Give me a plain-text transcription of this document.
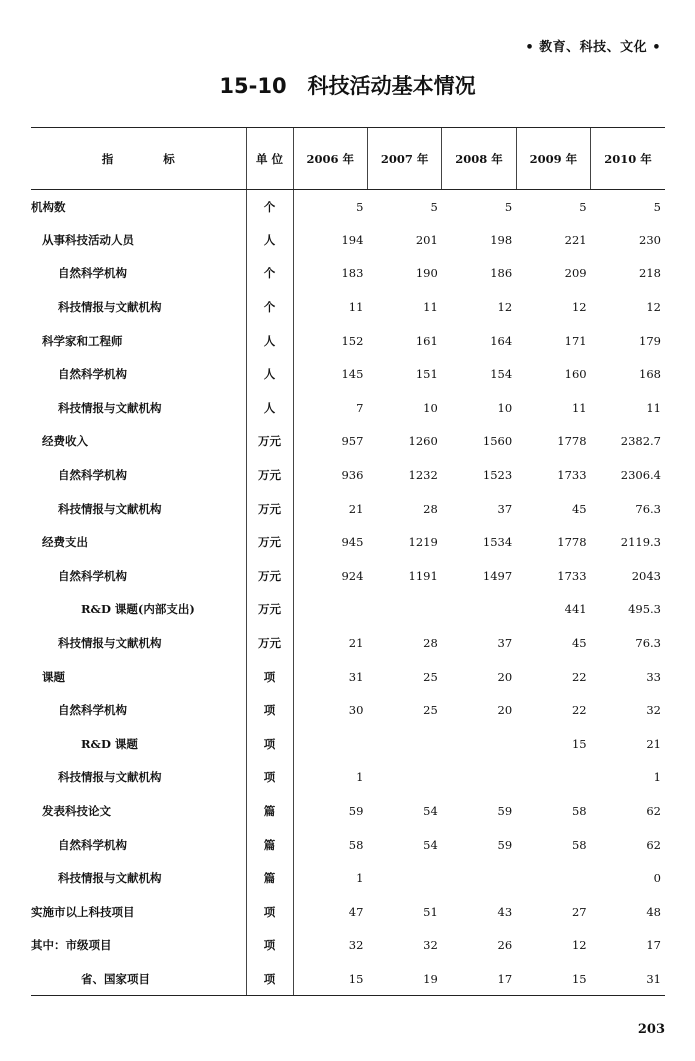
• 教育、科技、文化 •
15-10　科技活动基本情况
指 标	单 位	2006 年	2007 年	2008 年	2009 年	2010 年
机构数	个	5	5	5	5	5
从事科技活动人员	人	194	201	198	221	230
自然科学机构	个	183	190	186	209	218
科技情报与文献机构	个	11	11	12	12	12
科学家和工程师	人	152	161	164	171	179
自然科学机构	人	145	151	154	160	168
科技情报与文献机构	人	7	10	10	11	11
经费收入	万元	957	1260	1560	1778	2382.7
自然科学机构	万元	936	1232	1523	1733	2306.4
科技情报与文献机构	万元	21	28	37	45	76.3
经费支出	万元	945	1219	1534	1778	2119.3
自然科学机构	万元	924	1191	1497	1733	2043
R&D 课题(内部支出)	万元				441	495.3
科技情报与文献机构	万元	21	28	37	45	76.3
课题	项	31	25	20	22	33
自然科学机构	项	30	25	20	22	32
R&D 课题	项				15	21
科技情报与文献机构	项	1				1
发表科技论文	篇	59	54	59	58	62
自然科学机构	篇	58	54	59	58	62
科技情报与文献机构	篇	1				0
实施市以上科技项目	项	47	51	43	27	48
其中：市级项目	项	32	32	26	12	17
省、国家项目	项	15	19	17	15	31
203
